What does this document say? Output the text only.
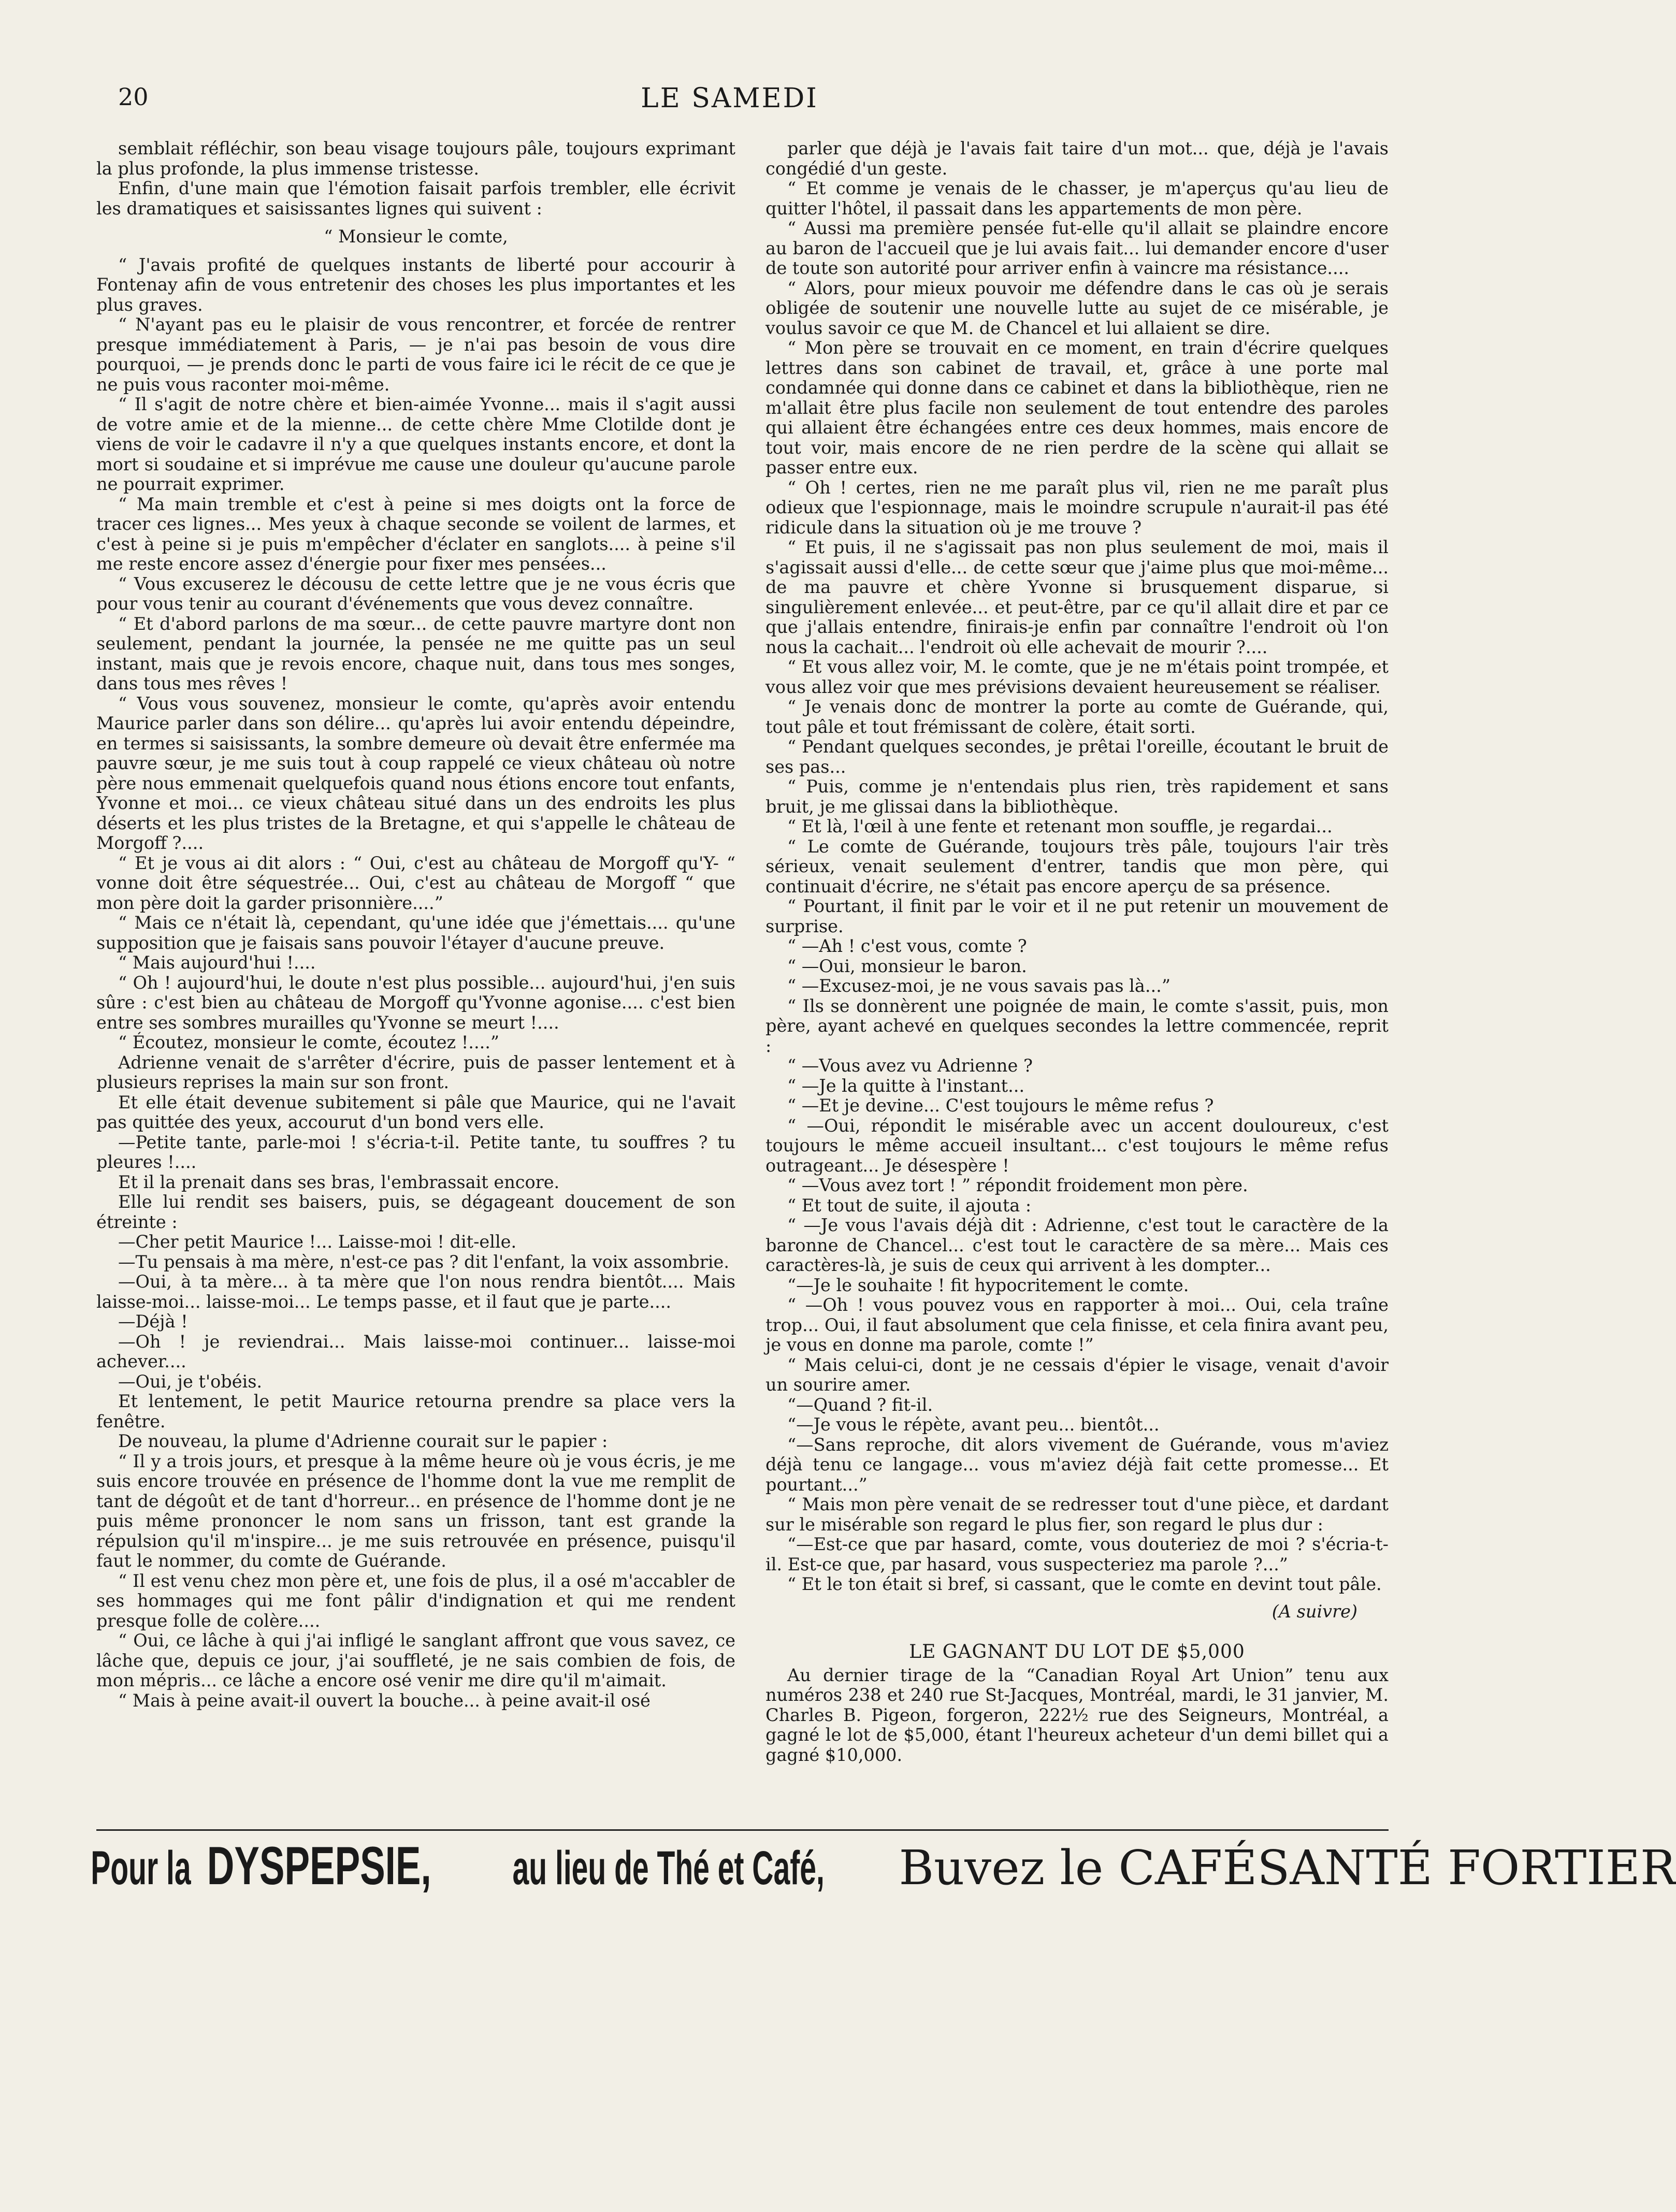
20	LE SAMEDI

semblait réfléchir, son beau visage toujours pâle, toujours exprimant la plus profonde, la plus immense tristesse.

Enfin, d'une main que l'émotion faisait parfois trembler, elle écrivit les dramatiques et saisissantes lignes qui suivent :

“ Monsieur le comte,

“ J'avais profité de quelques instants de liberté pour accourir à Fontenay afin de vous entretenir des choses les plus importantes et les plus graves.

“ N'ayant pas eu le plaisir de vous rencontrer, et forcée de rentrer presque immédiatement à Paris, — je n'ai pas besoin de vous dire pourquoi, — je prends donc le parti de vous faire ici le récit de ce que je ne puis vous raconter moi-même.

“ Il s'agit de notre chère et bien-aimée Yvonne... mais il s'agit aussi de votre amie et de la mienne... de cette chère Mme Clotilde dont je viens de voir le cadavre il n'y a que quelques instants encore, et dont la mort si soudaine et si imprévue me cause une douleur qu'aucune parole ne pourrait exprimer.

“ Ma main tremble et c'est à peine si mes doigts ont la force de tracer ces lignes... Mes yeux à chaque seconde se voilent de larmes, et c'est à peine si je puis m'empêcher d'éclater en sanglots.... à peine s'il me reste encore assez d'énergie pour fixer mes pensées...

“ Vous excuserez le décousu de cette lettre que je ne vous écris que pour vous tenir au courant d'événements que vous devez connaître.

“ Et d'abord parlons de ma sœur... de cette pauvre martyre dont non seulement, pendant la journée, la pensée ne me quitte pas un seul instant, mais que je revois encore, chaque nuit, dans tous mes songes, dans tous mes rêves !

“ Vous vous souvenez, monsieur le comte, qu'après avoir entendu Maurice parler dans son délire... qu'après lui avoir entendu dépeindre, en termes si saisissants, la sombre demeure où devait être enfermée ma pauvre sœur, je me suis tout à coup rappelé ce vieux château où notre père nous emmenait quelquefois quand nous étions encore tout enfants, Yvonne et moi... ce vieux château situé dans un des endroits les plus déserts et les plus tristes de la Bretagne, et qui s'appelle le château de Morgoff ?....

“ Et je vous ai dit alors : “ Oui, c'est au château de Morgoff qu'Y- “ vonne doit être séquestrée... Oui, c'est au château de Morgoff “ que mon père doit la garder prisonnière....”

“ Mais ce n'était là, cependant, qu'une idée que j'émettais.... qu'une supposition que je faisais sans pouvoir l'étayer d'aucune preuve.

“ Mais aujourd'hui !....

“ Oh ! aujourd'hui, le doute n'est plus possible... aujourd'hui, j'en suis sûre : c'est bien au château de Morgoff qu'Yvonne agonise.... c'est bien entre ses sombres murailles qu'Yvonne se meurt !....

“ Écoutez, monsieur le comte, écoutez !....”

Adrienne venait de s'arrêter d'écrire, puis de passer lentement et à plusieurs reprises la main sur son front.

Et elle était devenue subitement si pâle que Maurice, qui ne l'avait pas quittée des yeux, accourut d'un bond vers elle.

—Petite tante, parle-moi ! s'écria-t-il. Petite tante, tu souffres ? tu pleures !....

Et il la prenait dans ses bras, l'embrassait encore.

Elle lui rendit ses baisers, puis, se dégageant doucement de son étreinte :

—Cher petit Maurice !... Laisse-moi ! dit-elle.

—Tu pensais à ma mère, n'est-ce pas ? dit l'enfant, la voix assombrie.

—Oui, à ta mère... à ta mère que l'on nous rendra bientôt.... Mais laisse-moi... laisse-moi... Le temps passe, et il faut que je parte....

—Déjà !

—Oh ! je reviendrai... Mais laisse-moi continuer... laisse-moi achever....

—Oui, je t'obéis.

Et lentement, le petit Maurice retourna prendre sa place vers la fenêtre.

De nouveau, la plume d'Adrienne courait sur le papier :

“ Il y a trois jours, et presque à la même heure où je vous écris, je me suis encore trouvée en présence de l'homme dont la vue me remplit de tant de dégoût et de tant d'horreur... en présence de l'homme dont je ne puis même prononcer le nom sans un frisson, tant est grande la répulsion qu'il m'inspire... je me suis retrouvée en présence, puisqu'il faut le nommer, du comte de Guérande.

“ Il est venu chez mon père et, une fois de plus, il a osé m'accabler de ses hommages qui me font pâlir d'indignation et qui me rendent presque folle de colère....

“ Oui, ce lâche à qui j'ai infligé le sanglant affront que vous savez, ce lâche que, depuis ce jour, j'ai souffleté, je ne sais combien de fois, de mon mépris... ce lâche a encore osé venir me dire qu'il m'aimait.

“ Mais à peine avait-il ouvert la bouche... à peine avait-il osé

parler que déjà je l'avais fait taire d'un mot... que, déjà je l'avais congédié d'un geste.

“ Et comme je venais de le chasser, je m'aperçus qu'au lieu de quitter l'hôtel, il passait dans les appartements de mon père.

“ Aussi ma première pensée fut-elle qu'il allait se plaindre encore au baron de l'accueil que je lui avais fait... lui demander encore d'user de toute son autorité pour arriver enfin à vaincre ma résistance....

“ Alors, pour mieux pouvoir me défendre dans le cas où je serais obligée de soutenir une nouvelle lutte au sujet de ce misérable, je voulus savoir ce que M. de Chancel et lui allaient se dire.

“ Mon père se trouvait en ce moment, en train d'écrire quelques lettres dans son cabinet de travail, et, grâce à une porte mal condamnée qui donne dans ce cabinet et dans la bibliothèque, rien ne m'allait être plus facile non seulement de tout entendre des paroles qui allaient être échangées entre ces deux hommes, mais encore de tout voir, mais encore de ne rien perdre de la scène qui allait se passer entre eux.

“ Oh ! certes, rien ne me paraît plus vil, rien ne me paraît plus odieux que l'espionnage, mais le moindre scrupule n'aurait-il pas été ridicule dans la situation où je me trouve ?

“ Et puis, il ne s'agissait pas non plus seulement de moi, mais il s'agissait aussi d'elle... de cette sœur que j'aime plus que moi-même... de ma pauvre et chère Yvonne si brusquement disparue, si singulièrement enlevée... et peut-être, par ce qu'il allait dire et par ce que j'allais entendre, finirais-je enfin par connaître l'endroit où l'on nous la cachait... l'endroit où elle achevait de mourir ?....

“ Et vous allez voir, M. le comte, que je ne m'étais point trompée, et vous allez voir que mes prévisions devaient heureusement se réaliser.

“ Je venais donc de montrer la porte au comte de Guérande, qui, tout pâle et tout frémissant de colère, était sorti.

“ Pendant quelques secondes, je prêtai l'oreille, écoutant le bruit de ses pas...

“ Puis, comme je n'entendais plus rien, très rapidement et sans bruit, je me glissai dans la bibliothèque.

“ Et là, l'œil à une fente et retenant mon souffle, je regardai...

“ Le comte de Guérande, toujours très pâle, toujours l'air très sérieux, venait seulement d'entrer, tandis que mon père, qui continuait d'écrire, ne s'était pas encore aperçu de sa présence.

“ Pourtant, il finit par le voir et il ne put retenir un mouvement de surprise.

“ —Ah ! c'est vous, comte ?

“ —Oui, monsieur le baron.

“ —Excusez-moi, je ne vous savais pas là...”

“ Ils se donnèrent une poignée de main, le comte s'assit, puis, mon père, ayant achevé en quelques secondes la lettre commencée, reprit :

“ —Vous avez vu Adrienne ?

“ —Je la quitte à l'instant...

“ —Et je devine... C'est toujours le même refus ?

“ —Oui, répondit le misérable avec un accent douloureux, c'est toujours le même accueil insultant... c'est toujours le même refus outrageant... Je désespère !

“ —Vous avez tort ! ” répondit froidement mon père.

“ Et tout de suite, il ajouta :

“ —Je vous l'avais déjà dit : Adrienne, c'est tout le caractère de la baronne de Chancel... c'est tout le caractère de sa mère... Mais ces caractères-là, je suis de ceux qui arrivent à les dompter...

“—Je le souhaite ! fit hypocritement le comte.

“ —Oh ! vous pouvez vous en rapporter à moi... Oui, cela traîne trop... Oui, il faut absolument que cela finisse, et cela finira avant peu, je vous en donne ma parole, comte !”

“ Mais celui-ci, dont je ne cessais d'épier le visage, venait d'avoir un sourire amer.

“—Quand ? fit-il.

“—Je vous le répète, avant peu... bientôt...

“—Sans reproche, dit alors vivement de Guérande, vous m'aviez déjà tenu ce langage... vous m'aviez déjà fait cette promesse... Et pourtant...”

“ Mais mon père venait de se redresser tout d'une pièce, et dardant sur le misérable son regard le plus fier, son regard le plus dur :

“—Est-ce que par hasard, comte, vous douteriez de moi ? s'écria-t-il. Est-ce que, par hasard, vous suspecteriez ma parole ?...”

“ Et le ton était si bref, si cassant, que le comte en devint tout pâle.

(A suivre)

LE GAGNANT DU LOT DE $5,000

Au dernier tirage de la “Canadian Royal Art Union” tenu aux numéros 238 et 240 rue St-Jacques, Montréal, mardi, le 31 janvier, M. Charles B. Pigeon, forgeron, 222½ rue des Seigneurs, Montréal, a gagné le lot de $5,000, étant l'heureux acheteur d'un demi billet qui a gagné $10,000.

Pour la DYSPEPSIE, au lieu de Thé et Café, Buvez le CAFÉSANTÉ FORTIER
